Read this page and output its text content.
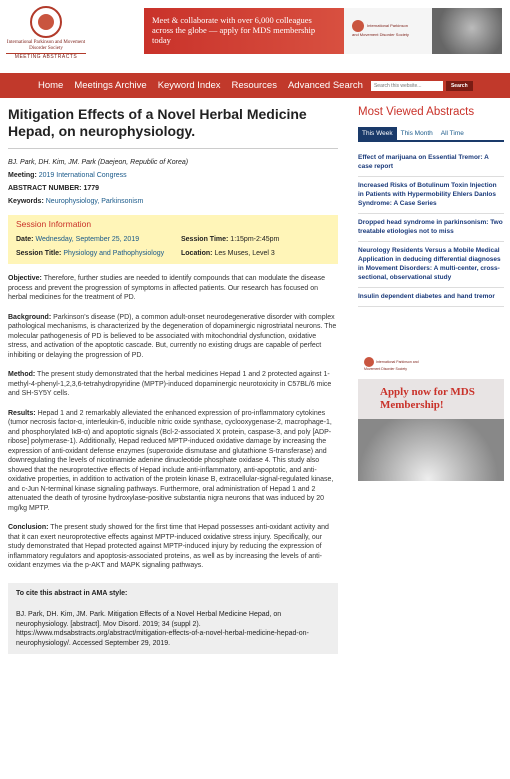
International Parkinson and Movement Disorder Society
MEETING ABSTRACTS
Meet & collaborate with over 6,000 colleagues
across the globe — apply for MDS membership today
International Parkinson and Movement Disorder Society
Home Meetings Archive Keyword Index Resources Advanced Search
Search this website...	Search
Mitigation Effects of a Novel Herbal Medicine Hepad, on neurophysiology.

BJ. Park, DH. Kim, JM. Park (Daejeon, Republic of Korea)

Meeting: 2019 International Congress

ABSTRACT NUMBER: 1779

Keywords: Neurophysiology, Parkinsonism

Session Information
Date: Wednesday, September 25, 2019	Session Time: 1:15pm-2:45pm
Session Title: Physiology and Pathophysiology	Location: Les Muses, Level 3

Objective: Therefore, further studies are needed to identify compounds that can modulate the disease process and prevent the progression of symptoms in affected patients. Our research has focused on herbal medicines for the treatment of PD.

Background: Parkinson's disease (PD), a common adult-onset neurodegenerative disorder with complex pathological mechanisms, is characterized by the degeneration of dopaminergic nigrostriatal neurons. The molecular pathogenesis of PD is believed to be associated with mitochondrial dysfunction, oxidative stress, and activation of the apoptotic cascade. But, currently no existing drugs are capable of perfect inhibiting or delaying the progression of PD.

Method: The present study demonstrated that the herbal medicines Hepad 1 and 2 protected against 1-methyl-4-phenyl-1,2,3,6-tetrahydropyridine (MPTP)-induced dopaminergic neurotoxicity in C57BL/6 mice and SH-SY5Y cells.

Results: Hepad 1 and 2 remarkably alleviated the enhanced expression of pro-inflammatory cytokines (tumor necrosis factor-α, interleukin-6, inducible nitric oxide synthase, cyclooxygenase-2, macrophage-1, and phosphorylated IκB-α) and apoptotic signals (Bcl-2-associated X protein, caspase-3, and poly [ADP-ribose] polymerase-1). Additionally, Hepad reduced MPTP-induced oxidative damage by increasing the expression of anti-oxidant defense enzymes (superoxide dismutase and glutathione S-transferase) and downregulating the levels of nicotinamide adenine dinucleotide phosphate oxidase 4. This study also showed that the neuroprotective effects of Hepad include anti-inflammatory, anti-apoptotic, and anti-oxidative properties, in addition to activation of the protein kinase B, extracellular-signal-regulated kinase, and c-Jun N-terminal kinase signaling pathways. Furthermore, oral administration of Hepad 1 and 2 attenuated the death of tyrosine hydroxylase-positive substantia nigra neurons that was induced by 20 mg/kg MPTP.

Conclusion: The present study showed for the first time that Hepad possesses anti-oxidant activity and that it can exert neuroprotective effects against MPTP-induced oxidative stress injury. Specifically, our study demonstrated that Hepad protected against MPTP-induced injury by reducing the expression of inflammatory regulators and apoptosis-associated proteins, as well as by increasing the levels of anti-oxidant enzymes via the p-AKT and MAPK signaling pathways.

To cite this abstract in AMA style:
BJ. Park, DH. Kim, JM. Park. Mitigation Effects of a Novel Herbal Medicine Hepad, on neurophysiology. [abstract]. Mov Disord. 2019; 34 (suppl 2). https://www.mdsabstracts.org/abstract/mitigation-effects-of-a-novel-herbal-medicine-hepad-on-neurophysiology/. Accessed September 29, 2019.
Most Viewed Abstracts
This Week	This Month	All Time
Effect of marijuana on Essential Tremor: A case report
Increased Risks of Botulinum Toxin Injection in Patients with Hypermobility Ehlers Danlos Syndrome: A Case Series
Dropped head syndrome in parkinsonism: Two treatable etiologies not to miss
Neurology Residents Versus a Mobile Medical Application in deducing differential diagnoses in Movement Disorders: A multi-center, cross-sectional, observational study
Insulin dependent diabetes and hand tremor
International Parkinson and Movement Disorder Society
Apply now for MDS Membership!
